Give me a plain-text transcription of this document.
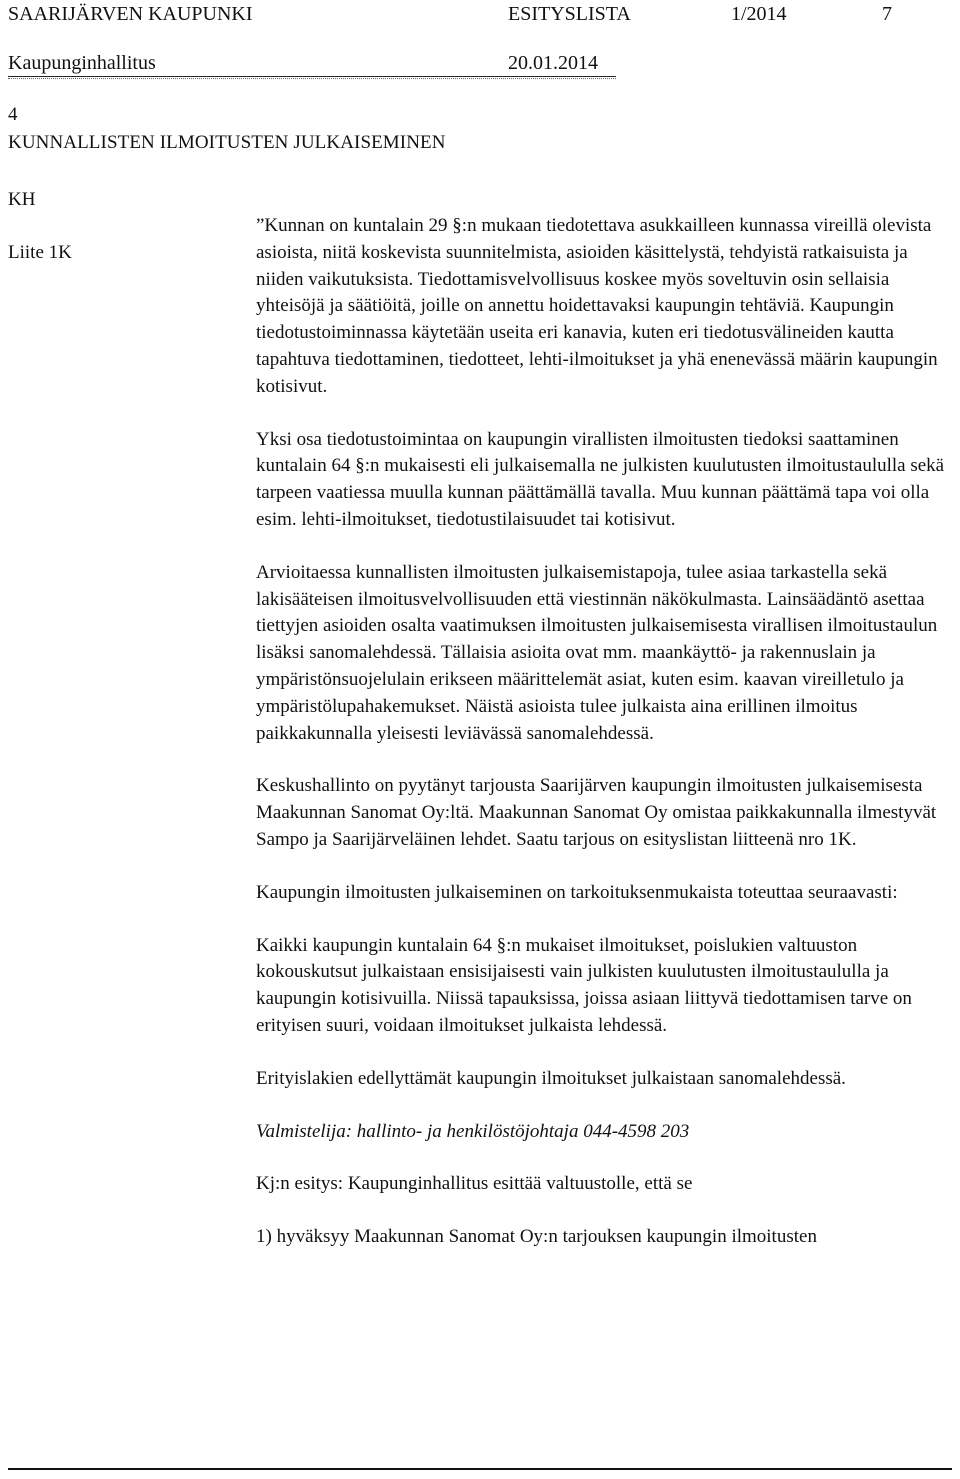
SAARIJÄRVEN KAUPUNKI	ESITYSLISTA	1/2014	7
Kaupunginhallitus	20.01.2014
4
KUNNALLISTEN ILMOITUSTEN JULKAISEMINEN
KH
Liite 1K

”Kunnan on kuntalain 29 §:n mukaan tiedotettava asukkailleen kunnassa vireillä olevista asioista, niitä koskevista suunnitelmista, asioiden käsittelystä, tehdyistä ratkaisuista ja niiden vaikutuksista. Tiedottamisvelvollisuus koskee myös soveltuvin osin sellaisia yhteisöjä ja säätiöitä, joille on annettu hoidettavaksi kaupungin tehtäviä. Kaupungin tiedotustoiminnassa käytetään useita eri kanavia, kuten eri tiedotusvälineiden kautta tapahtuva tiedottaminen, tiedotteet, lehti-ilmoitukset ja yhä enenevässä määrin kaupungin kotisivut.

Yksi osa tiedotustoimintaa on kaupungin virallisten ilmoitusten tiedoksi saattaminen kuntalain 64 §:n mukaisesti eli julkaisemalla ne julkisten kuulutusten ilmoitustaululla sekä tarpeen vaatiessa muulla kunnan päättämällä tavalla. Muu kunnan päättämä tapa voi olla esim. lehti-ilmoitukset, tiedotustilaisuudet tai kotisivut.

Arvioitaessa kunnallisten ilmoitusten julkaisemistapoja, tulee asiaa tarkastella sekä lakisääteisen ilmoitusvelvollisuuden että viestinnän näkökulmasta. Lainsäädäntö asettaa tiettyjen asioiden osalta vaatimuksen ilmoitusten julkaisemisesta virallisen ilmoitustaulun lisäksi sanomalehdessä. Tällaisia asioita ovat mm. maankäyttö- ja rakennuslain ja ympäristönsuojelulain erikseen määrittelemät asiat, kuten esim. kaavan vireilletulo ja ympäristölupahakemukset. Näistä asioista tulee julkaista aina erillinen ilmoitus paikkakunnalla yleisesti leviävässä sanomalehdessä.

Keskushallinto on pyytänyt tarjousta Saarijärven kaupungin ilmoitusten julkaisemisesta Maakunnan Sanomat Oy:ltä. Maakunnan Sanomat Oy omistaa paikkakunnalla ilmestyvät Sampo ja Saarijärveläinen lehdet. Saatu tarjous on esityslistan liitteenä nro 1K.

Kaupungin ilmoitusten julkaiseminen on tarkoituksenmukaista toteuttaa seuraavasti:

Kaikki kaupungin kuntalain 64 §:n mukaiset ilmoitukset, poislukien valtuuston kokouskutsut julkaistaan ensisijaisesti vain julkisten kuulutusten ilmoitustaululla ja kaupungin kotisivuilla. Niissä tapauksissa, joissa asiaan liittyvä tiedottamisen tarve on erityisen suuri, voidaan ilmoitukset julkaista lehdessä.

Erityislakien edellyttämät kaupungin ilmoitukset julkaistaan sanomalehdessä.

Valmistelija: hallinto- ja henkilöstöjohtaja 044-4598 203

Kj:n esitys: Kaupunginhallitus esittää valtuustolle, että se

1) hyväksyy Maakunnan Sanomat Oy:n tarjouksen kaupungin ilmoitusten
